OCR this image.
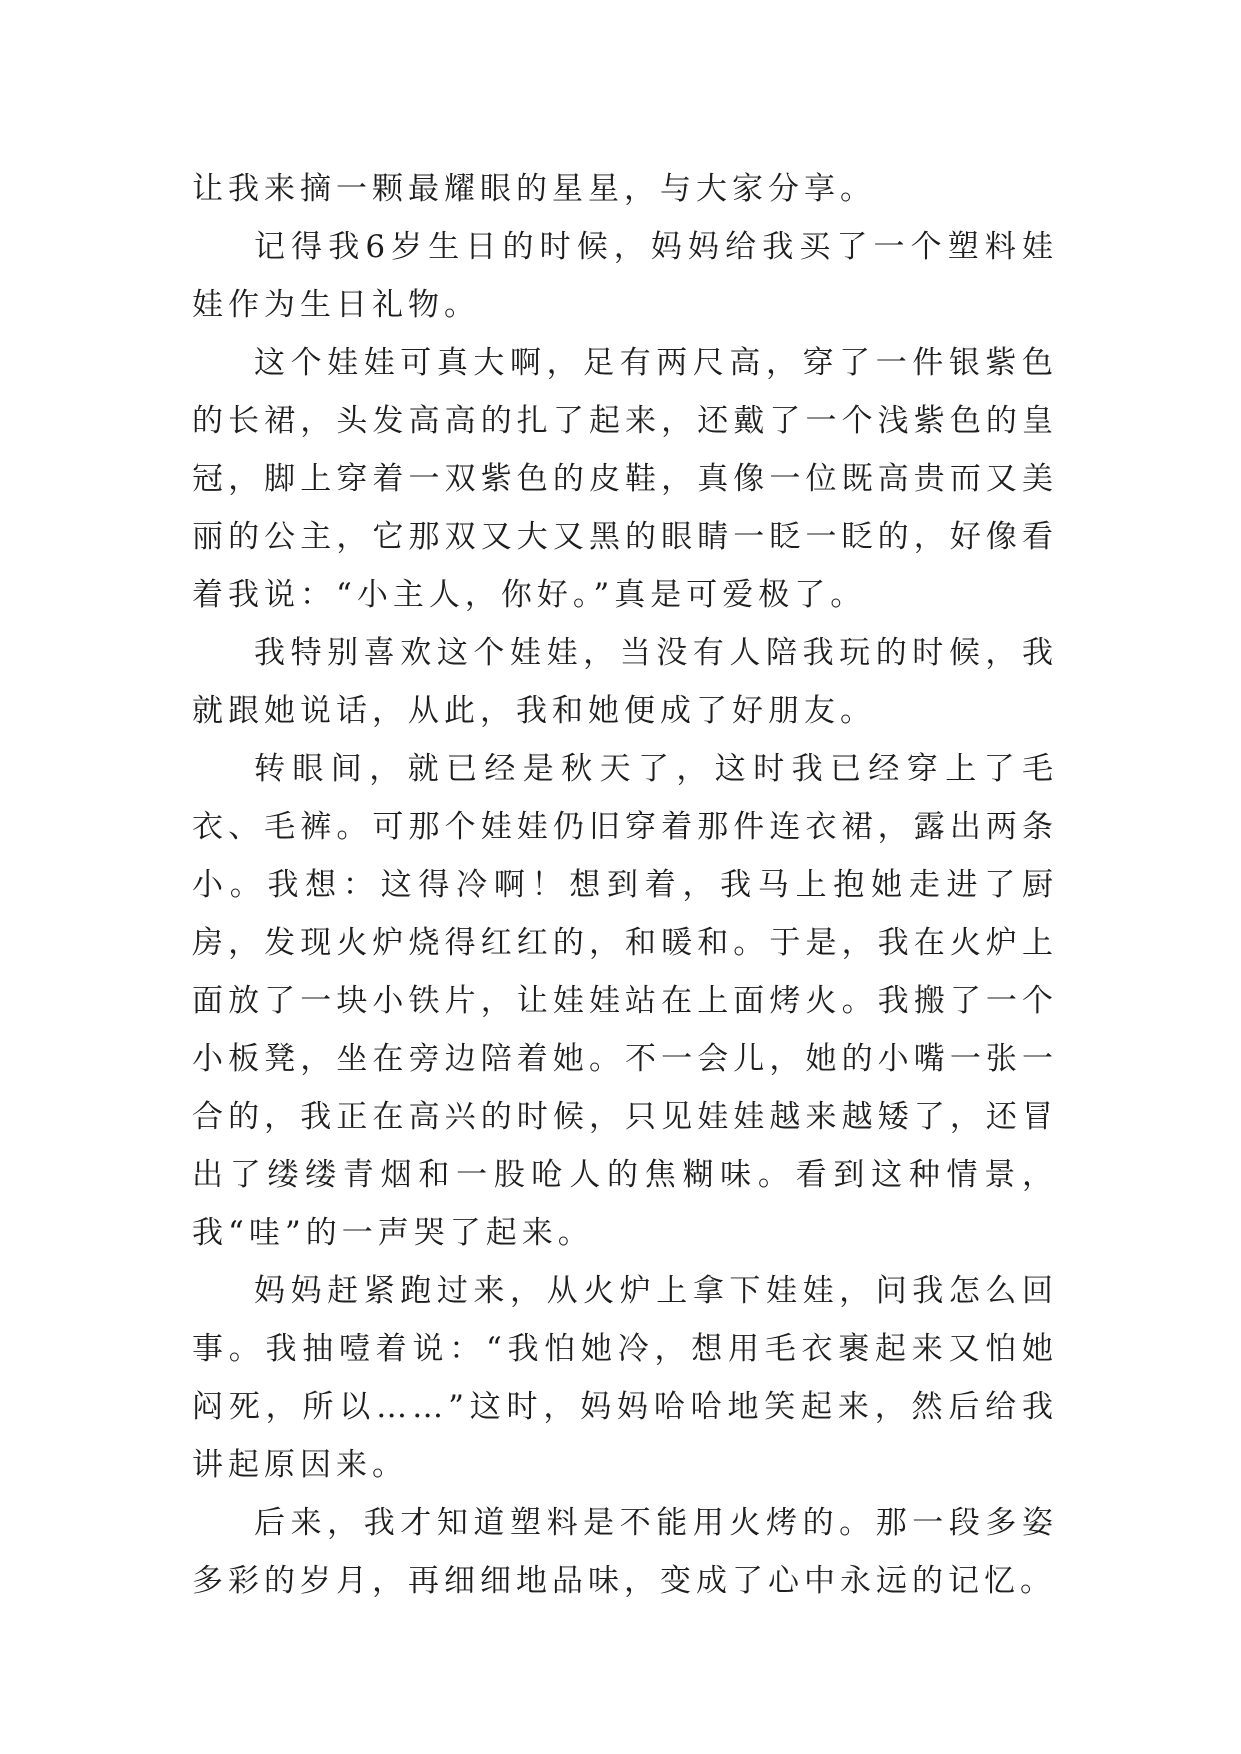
让我来摘一颗最耀眼的星星，与大家分享。

记得我6岁生日的时候，妈妈给我买了一个塑料娃娃作为生日礼物。

这个娃娃可真大啊，足有两尺高，穿了一件银紫色的长裙，头发高高的扎了起来，还戴了一个浅紫色的皇冠，脚上穿着一双紫色的皮鞋，真像一位既高贵而又美丽的公主，它那双又大又黑的眼睛一眨一眨的，好像看着我说：“小主人，你好。”真是可爱极了。

我特别喜欢这个娃娃，当没有人陪我玩的时候，我就跟她说话，从此，我和她便成了好朋友。

转眼间，就已经是秋天了，这时我已经穿上了毛衣、毛裤。可那个娃娃仍旧穿着那件连衣裙，露出两条小。我想：这得冷啊！想到着，我马上抱她走进了厨房，发现火炉烧得红红的，和暖和。于是，我在火炉上面放了一块小铁片，让娃娃站在上面烤火。我搬了一个小板凳，坐在旁边陪着她。不一会儿，她的小嘴一张一合的，我正在高兴的时候，只见娃娃越来越矮了，还冒出了缕缕青烟和一股呛人的焦糊味。看到这种情景，我“哇”的一声哭了起来。

妈妈赶紧跑过来，从火炉上拿下娃娃，问我怎么回事。我抽噎着说：“我怕她冷，想用毛衣裹起来又怕她闷死，所以……”这时，妈妈哈哈地笑起来，然后给我讲起原因来。

后来，我才知道塑料是不能用火烤的。那一段多姿多彩的岁月，再细细地品味，变成了心中永远的记忆。
